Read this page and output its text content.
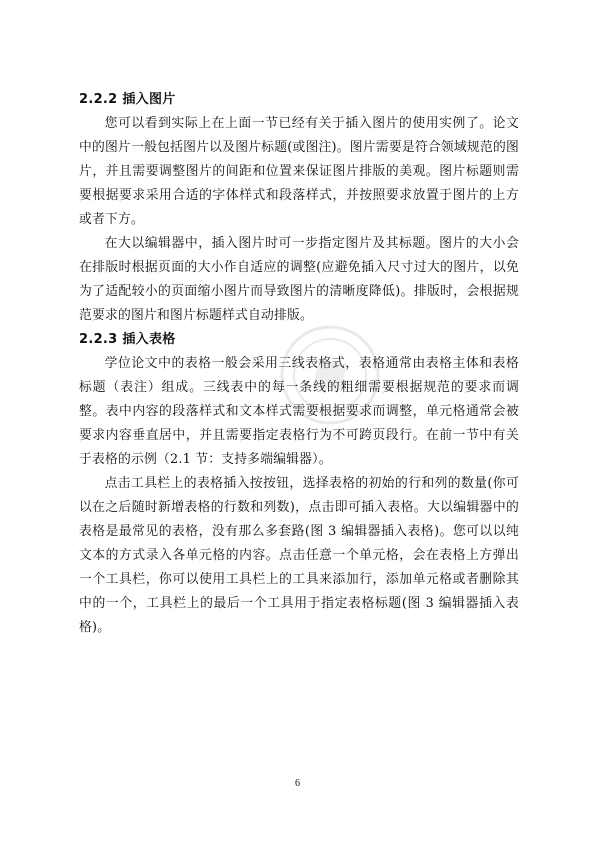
2.2.2 插入图片

您可以看到实际上在上面一节已经有关于插入图片的使用实例了。论文中的图片一般包括图片以及图片标题(或图注)。图片需要是符合领域规范的图片，并且需要调整图片的间距和位置来保证图片排版的美观。图片标题则需要根据要求采用合适的字体样式和段落样式，并按照要求放置于图片的上方或者下方。

在大以编辑器中，插入图片时可一步指定图片及其标题。图片的大小会在排版时根据页面的大小作自适应的调整(应避免插入尺寸过大的图片，以免为了适配较小的页面缩小图片而导致图片的清晰度降低)。排版时，会根据规范要求的图片和图片标题样式自动排版。

2.2.3 插入表格

学位论文中的表格一般会采用三线表格式，表格通常由表格主体和表格标题（表注）组成。三线表中的每一条线的粗细需要根据规范的要求而调整。表中内容的段落样式和文本样式需要根据要求而调整，单元格通常会被要求内容垂直居中，并且需要指定表格行为不可跨页段行。在前一节中有关于表格的示例（2.1 节：支持多端编辑器）。

点击工具栏上的表格插入按按钮，选择表格的初始的行和列的数量(你可以在之后随时新增表格的行数和列数)，点击即可插入表格。大以编辑器中的表格是最常见的表格，没有那么多套路(图 3 编辑器插入表格)。您可以以纯文本的方式录入各单元格的内容。点击任意一个单元格，会在表格上方弹出一个工具栏，你可以使用工具栏上的工具来添加行，添加单元格或者删除其中的一个，工具栏上的最后一个工具用于指定表格标题(图 3 编辑器插入表格)。

6
